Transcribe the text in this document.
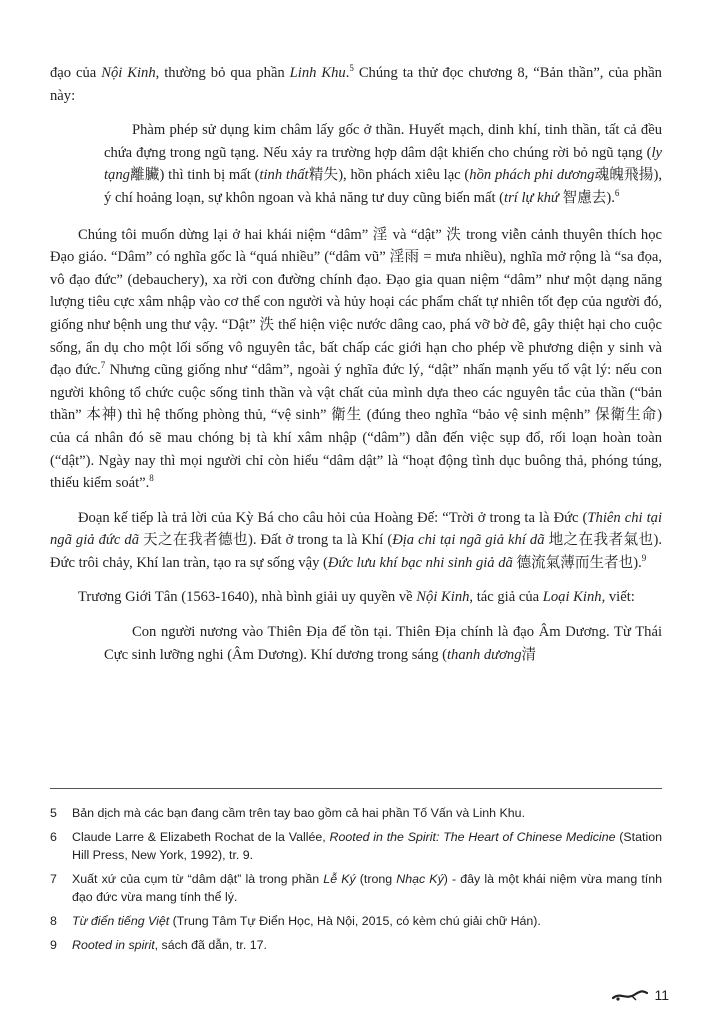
đạo của Nội Kinh, thường bỏ qua phần Linh Khu.$^5$ Chúng ta thử đọc chương 8, “Bản thần”, của phần này:

Phàm phép sử dụng kim châm lấy gốc ở thần. Huyết mạch, dinh khí, tinh thần, tất cả đều chứa đựng trong ngũ tạng. Nếu xảy ra trường hợp dâm dật khiến cho chúng rời bỏ ngũ tạng (ly tạng離臟) thì tinh bị mất (tinh thất精失), hồn phách xiêu lạc (hồn phách phi dương魂魄飛揚), ý chí hoảng loạn, sự khôn ngoan và khả năng tư duy cũng biến mất (trí lự khứ 智慮去).$^6$

Chúng tôi muốn dừng lại ở hai khái niệm “dâm” 淫 và “dật” 泆 trong viễn cảnh thuyên thích học Đạo giáo. “Dâm” có nghĩa gốc là “quá nhiều” (“dâm vũ” 淫雨 = mưa nhiều), nghĩa mở rộng là “sa đọa, vô đạo đức” (debauchery), xa rời con đường chính đạo. Đạo gia quan niệm “dâm” như một dạng năng lượng tiêu cực xâm nhập vào cơ thể con người và hủy hoại các phẩm chất tự nhiên tốt đẹp của người đó, giống như bệnh ung thư vậy. “Dật” 泆 thể hiện việc nước dâng cao, phá vỡ bờ đê, gây thiệt hại cho cuộc sống, ẩn dụ cho một lối sống vô nguyên tắc, bất chấp các giới hạn cho phép về phương diện y sinh và đạo đức.$^7$ Nhưng cũng giống như “dâm”, ngoài ý nghĩa đức lý, “dật” nhấn mạnh yếu tố vật lý: nếu con người không tổ chức cuộc sống tinh thần và vật chất của mình dựa theo các nguyên tắc của thần (“bản thần” 本神) thì hệ thống phòng thủ, “vệ sinh” 衛生 (đúng theo nghĩa “bảo vệ sinh mệnh” 保衛生命) của cá nhân đó sẽ mau chóng bị tà khí xâm nhập (“dâm”) dẫn đến việc sụp đổ, rối loạn hoàn toàn (“dật”). Ngày nay thì mọi người chỉ còn hiểu “dâm dật” là “hoạt động tình dục buông thả, phóng túng, thiếu kiểm soát”.$^8$

Đoạn kế tiếp là trả lời của Kỳ Bá cho câu hỏi của Hoàng Đế: “Trời ở trong ta là Đức (Thiên chi tại ngã giả đức dã 天之在我者德也). Đất ở trong ta là Khí (Địa chi tại ngã giả khí dã 地之在我者氣也). Đức trôi chảy, Khí lan tràn, tạo ra sự sống vậy (Đức lưu khí bạc nhi sinh giả dã 德流氣薄而生者也).$^9$

Trương Giới Tân (1563-1640), nhà bình giải uy quyền về Nội Kinh, tác giả của Loại Kinh, viết:

Con người nương vào Thiên Địa để tồn tại. Thiên Địa chính là đạo Âm Dương. Từ Thái Cực sinh lưỡng nghi (Âm Dương). Khí dương trong sáng (thanh dương清

5	Bản dịch mà các bạn đang cầm trên tay bao gồm cả hai phần Tố Vấn và Linh Khu.
6	Claude Larre & Elizabeth Rochat de la Vallée, Rooted in the Spirit: The Heart of Chinese Medicine (Station Hill Press, New York, 1992), tr. 9.
7	Xuất xứ của cụm từ “dâm dật” là trong phần Lễ Ký (trong Nhạc Ký) - đây là một khái niệm vừa mang tính đạo đức vừa mang tính thể lý.
8	Từ điển tiếng Việt (Trung Tâm Tự Điển Học, Hà Nội, 2015, có kèm chú giải chữ Hán).
9	Rooted in spirit, sách đã dẫn, tr. 17.
11
